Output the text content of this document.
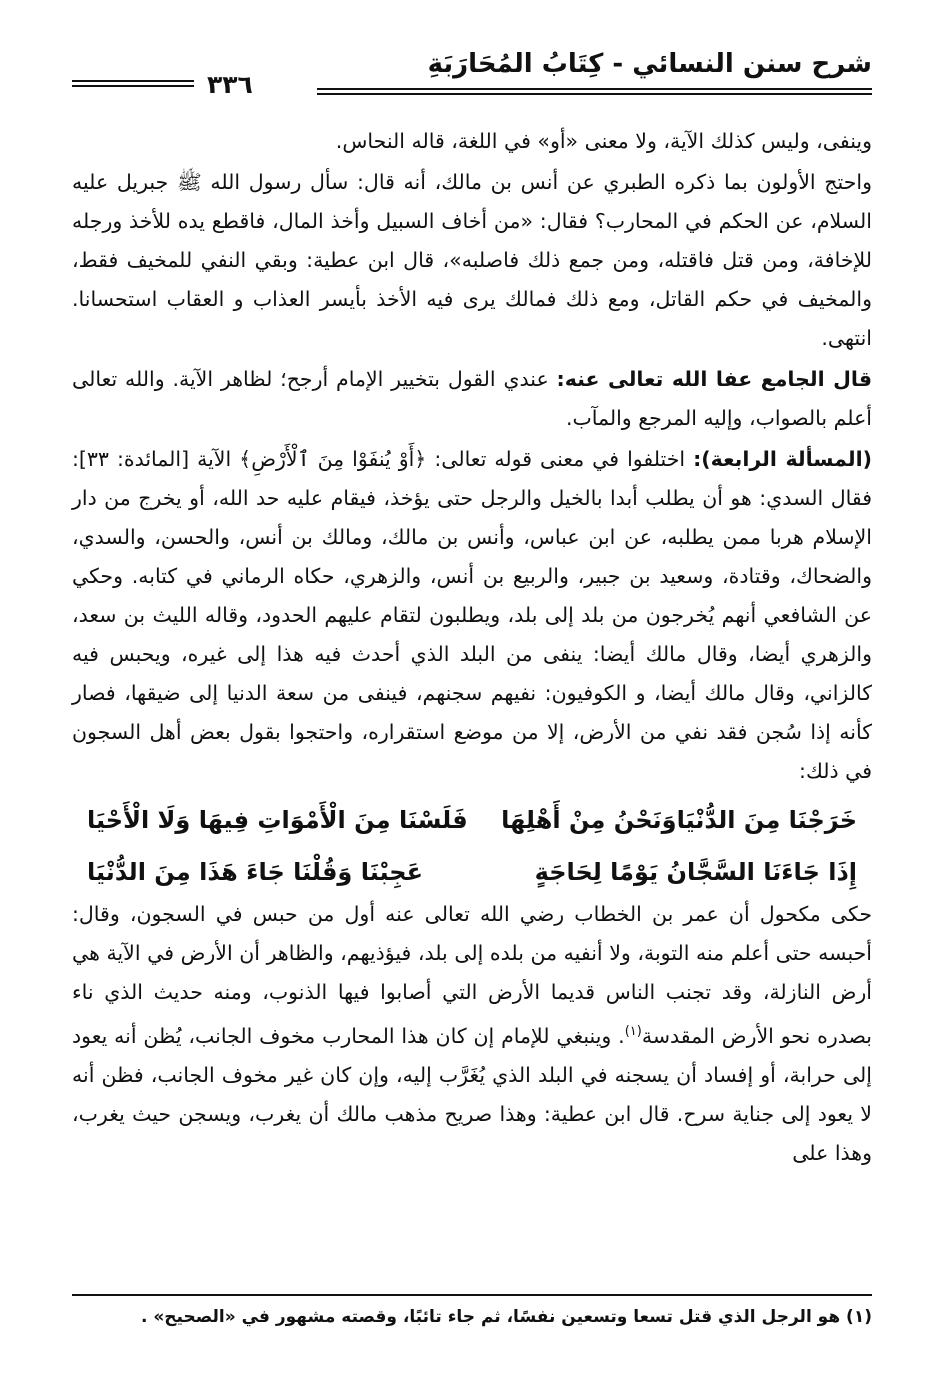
شرح سنن النسائي - كِتَابُ المُحَارَبَةِ
٣٣٦

وينفى، وليس كذلك الآية، ولا معنى «أو» في اللغة، قاله النحاس.

واحتج الأولون بما ذكره الطبري عن أنس بن مالك، أنه قال: سأل رسول الله ﷺ جبريل عليه السلام، عن الحكم في المحارب؟ فقال: «من أخاف السبيل وأخذ المال، فاقطع يده للأخذ ورجله للإخافة، ومن قتل فاقتله، ومن جمع ذلك فاصلبه»، قال ابن عطية: وبقي النفي للمخيف فقط، والمخيف في حكم القاتل، ومع ذلك فمالك يرى فيه الأخذ بأيسر العذاب و العقاب استحسانا. انتهى.

قال الجامع عفا الله تعالى عنه: عندي القول بتخيير الإمام أرجح؛ لظاهر الآية. والله تعالى أعلم بالصواب، وإليه المرجع والمآب.

(المسألة الرابعة): اختلفوا في معنى قوله تعالى: ﴿أَوْ يُنفَوْا مِنَ ٱلْأَرْضِ﴾ الآية [المائدة: ٣٣]: فقال السدي: هو أن يطلب أبدا بالخيل والرجل حتى يؤخذ، فيقام عليه حد الله، أو يخرج من دار الإسلام هربا ممن يطلبه، عن ابن عباس، وأنس بن مالك، ومالك بن أنس، والحسن، والسدي، والضحاك، وقتادة، وسعيد بن جبير، والربيع بن أنس، والزهري، حكاه الرماني في كتابه. وحكي عن الشافعي أنهم يُخرجون من بلد إلى بلد، ويطلبون لتقام عليهم الحدود، وقاله الليث بن سعد، والزهري أيضا، وقال مالك أيضا: ينفى من البلد الذي أحدث فيه هذا إلى غيره، ويحبس فيه كالزاني، وقال مالك أيضا، و الكوفيون: نفيهم سجنهم، فينفى من سعة الدنيا إلى ضيقها، فصار كأنه إذا سُجن فقد نفي من الأرض، إلا من موضع استقراره، واحتجوا بقول بعض أهل السجون في ذلك:

خَرَجْنَا مِنَ الدُّنْيَاوَنَحْنُ مِنْ أَهْلِهَا
فَلَسْنَا مِنَ الْأَمْوَاتِ فِيهَا وَلَا الْأَحْيَا
إِذَا جَاءَنَا السَّجَّانُ يَوْمًا لِحَاجَةٍ
عَجِبْنَا وَقُلْنَا جَاءَ هَذَا مِنَ الدُّنْيَا

حكى مكحول أن عمر بن الخطاب رضي الله تعالى عنه أول من حبس في السجون، وقال: أحبسه حتى أعلم منه التوبة، ولا أنفيه من بلده إلى بلد، فيؤذيهم، والظاهر أن الأرض في الآية هي أرض النازلة، وقد تجنب الناس قديما الأرض التي أصابوا فيها الذنوب، ومنه حديث الذي ناء بصدره نحو الأرض المقدسة$^{(١)}$. وينبغي للإمام إن كان هذا المحارب مخوف الجانب، يُظن أنه يعود إلى حرابة، أو إفساد أن يسجنه في البلد الذي يُغَرَّب إليه، وإن كان غير مخوف الجانب، فظن أنه لا يعود إلى جناية سرح. قال ابن عطية: وهذا صريح مذهب مالك أن يغرب، ويسجن حيث يغرب، وهذا على

(١) هو الرجل الذي قتل تسعا وتسعين نفسًا، ثم جاء تائبًا، وقصته مشهور في «الصحيح» .
